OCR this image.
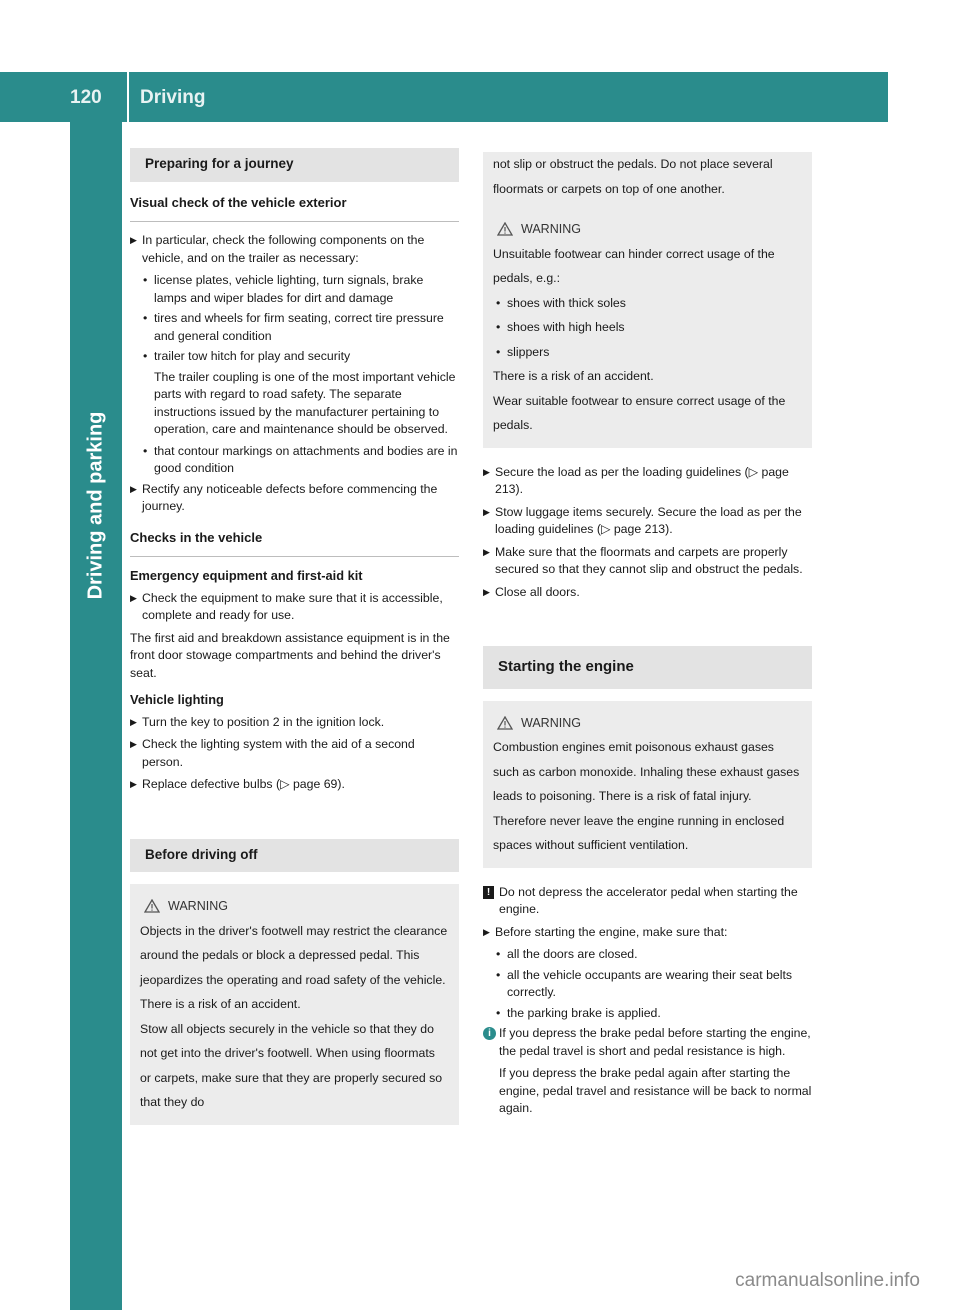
120	Driving
Driving and parking
Preparing for a journey
Visual check of the vehicle exterior
▶ In particular, check the following components on the vehicle, and on the trailer as necessary:
• license plates, vehicle lighting, turn signals, brake lamps and wiper blades for dirt and damage
• tires and wheels for firm seating, correct tire pressure and general condition
• trailer tow hitch for play and security

The trailer coupling is one of the most important vehicle parts with regard to road safety. The separate instructions issued by the manufacturer pertaining to operation, care and maintenance should be observed.

• that contour markings on attachments and bodies are in good condition
▶ Rectify any noticeable defects before commencing the journey.
Checks in the vehicle
Emergency equipment and first-aid kit
▶ Check the equipment to make sure that it is accessible, complete and ready for use.

The first aid and breakdown assistance equipment is in the front door stowage compartments and behind the driver's seat.

Vehicle lighting
▶ Turn the key to position 2 in the ignition lock.
▶ Check the lighting system with the aid of a second person.
▶ Replace defective bulbs (▷ page 69).
Before driving off
WARNING

Objects in the driver's footwell may restrict the clearance around the pedals or block a depressed pedal. This jeopardizes the operating and road safety of the vehicle. There is a risk of an accident.

Stow all objects securely in the vehicle so that they do not get into the driver's footwell. When using floormats or carpets, make sure that they are properly secured so that they do

not slip or obstruct the pedals. Do not place several floormats or carpets on top of one another.

WARNING

Unsuitable footwear can hinder correct usage of the pedals, e.g.:

• shoes with thick soles
• shoes with high heels
• slippers

There is a risk of an accident.

Wear suitable footwear to ensure correct usage of the pedals.

▶ Secure the load as per the loading guidelines (▷ page 213).
▶ Stow luggage items securely. Secure the load as per the loading guidelines (▷ page 213).
▶ Make sure that the floormats and carpets are properly secured so that they cannot slip and obstruct the pedals.
▶ Close all doors.
Starting the engine
WARNING

Combustion engines emit poisonous exhaust gases such as carbon monoxide. Inhaling these exhaust gases leads to poisoning. There is a risk of fatal injury. Therefore never leave the engine running in enclosed spaces without sufficient ventilation.

! Do not depress the accelerator pedal when starting the engine.
▶ Before starting the engine, make sure that:
• all the doors are closed.
• all the vehicle occupants are wearing their seat belts correctly.
• the parking brake is applied.
i If you depress the brake pedal before starting the engine, the pedal travel is short and pedal resistance is high.

If you depress the brake pedal again after starting the engine, pedal travel and resistance will be back to normal again.

carmanualsonline.info
